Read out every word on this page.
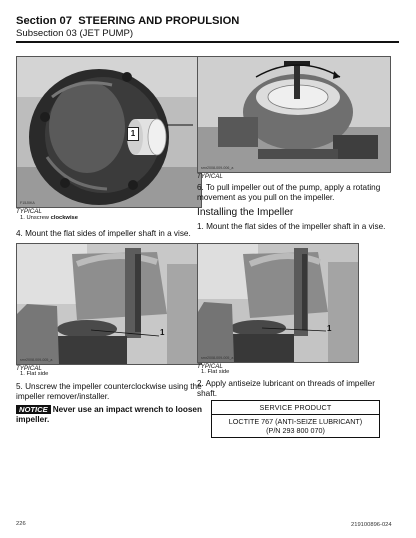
Section 07 STEERING AND PROPULSION
Subsection 03 (JET PUMP)
1
F15J0KA
TYPICAL
1. Unscrew clockwise
4. Mount the flat sides of impeller shaft in a vise.
1
smr2008-009-005_a
TYPICAL
1. Flat side
5. Unscrew the impeller counterclockwise using the impeller remover/installer.
NOTICE Never use an impact wrench to loosen impeller.
smr2008-009-006_a
TYPICAL
6. To pull impeller out of the pump, apply a rotating movement as you pull on the impeller.
Installing the Impeller
1. Mount the flat sides of the impeller shaft in a vise.
1
smr2008-009-005_a
TYPICAL
1. Flat side
2. Apply antiseize lubricant on threads of impeller shaft.
SERVICE PRODUCT

LOCTITE 767 (ANTI-SEIZE LUBRICANT)
(P/N 293 800 070)
226	219100896-024
